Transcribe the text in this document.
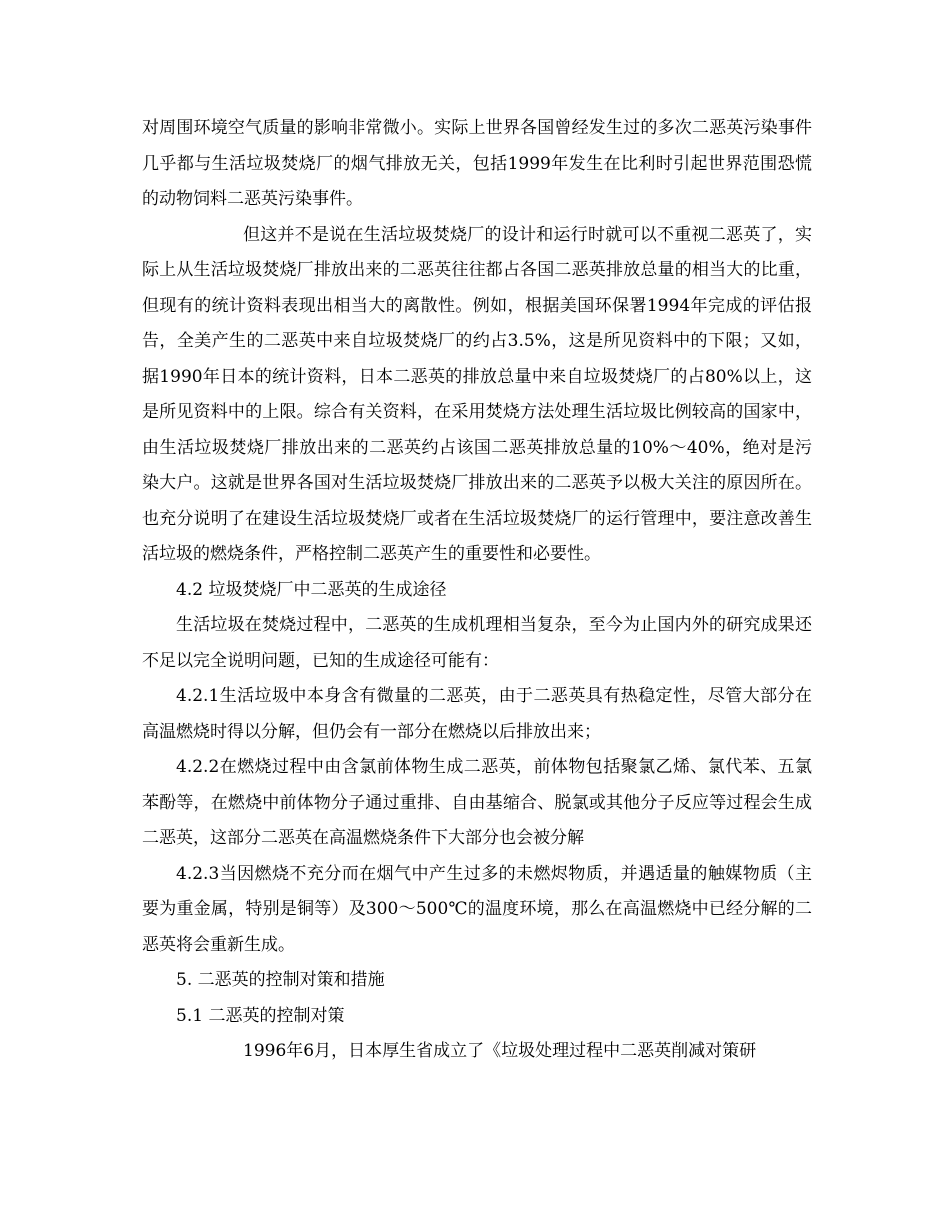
对周围环境空气质量的影响非常微小。实际上世界各国曾经发生过的多次二恶英污染事件几乎都与生活垃圾焚烧厂的烟气排放无关，包括1999年发生在比利时引起世界范围恐慌的动物饲料二恶英污染事件。

但这并不是说在生活垃圾焚烧厂的设计和运行时就可以不重视二恶英了，实际上从生活垃圾焚烧厂排放出来的二恶英往往都占各国二恶英排放总量的相当大的比重，但现有的统计资料表现出相当大的离散性。例如，根据美国环保署1994年完成的评估报告，全美产生的二恶英中来自垃圾焚烧厂的约占3.5%，这是所见资料中的下限；又如，据1990年日本的统计资料，日本二恶英的排放总量中来自垃圾焚烧厂的占80%以上，这是所见资料中的上限。综合有关资料，在采用焚烧方法处理生活垃圾比例较高的国家中，由生活垃圾焚烧厂排放出来的二恶英约占该国二恶英排放总量的10%～40%，绝对是污染大户。这就是世界各国对生活垃圾焚烧厂排放出来的二恶英予以极大关注的原因所在。也充分说明了在建设生活垃圾焚烧厂或者在生活垃圾焚烧厂的运行管理中，要注意改善生活垃圾的燃烧条件，严格控制二恶英产生的重要性和必要性。

4.2 垃圾焚烧厂中二恶英的生成途径

生活垃圾在焚烧过程中，二恶英的生成机理相当复杂，至今为止国内外的研究成果还不足以完全说明问题，已知的生成途径可能有：

4.2.1生活垃圾中本身含有微量的二恶英，由于二恶英具有热稳定性，尽管大部分在高温燃烧时得以分解，但仍会有一部分在燃烧以后排放出来；

4.2.2在燃烧过程中由含氯前体物生成二恶英，前体物包括聚氯乙烯、氯代苯、五氯苯酚等，在燃烧中前体物分子通过重排、自由基缩合、脱氯或其他分子反应等过程会生成二恶英，这部分二恶英在高温燃烧条件下大部分也会被分解

4.2.3当因燃烧不充分而在烟气中产生过多的未燃烬物质，并遇适量的触媒物质（主要为重金属，特别是铜等）及300～500℃的温度环境，那么在高温燃烧中已经分解的二恶英将会重新生成。

5. 二恶英的控制对策和措施

5.1 二恶英的控制对策

1996年6月，日本厚生省成立了《垃圾处理过程中二恶英削减对策研
